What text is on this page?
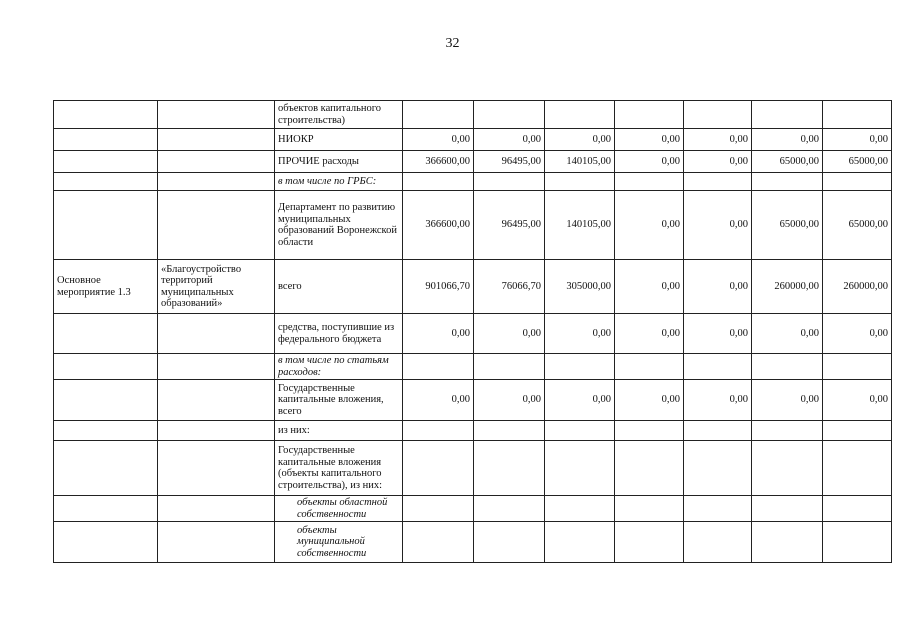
32
		объектов капитального строительства)							
		НИОКР	0,00	0,00	0,00	0,00	0,00	0,00	0,00
		ПРОЧИЕ расходы	366600,00	96495,00	140105,00	0,00	0,00	65000,00	65000,00
		в том числе по ГРБС:							
		Департамент по развитию муниципальных образований Воронежской области	366600,00	96495,00	140105,00	0,00	0,00	65000,00	65000,00
Основное мероприятие 1.3	«Благоустройство территорий муниципальных образований»	всего	901066,70	76066,70	305000,00	0,00	0,00	260000,00	260000,00
		средства, поступившие из федерального бюджета	0,00	0,00	0,00	0,00	0,00	0,00	0,00
		в том числе по статьям расходов:							
		Государственные капитальные вложения, всего	0,00	0,00	0,00	0,00	0,00	0,00	0,00
		из них:							
		Государственные капитальные вложения (объекты капитального строительства), из них:							
		объекты областной собственности							
		объекты муниципальной собственности							
